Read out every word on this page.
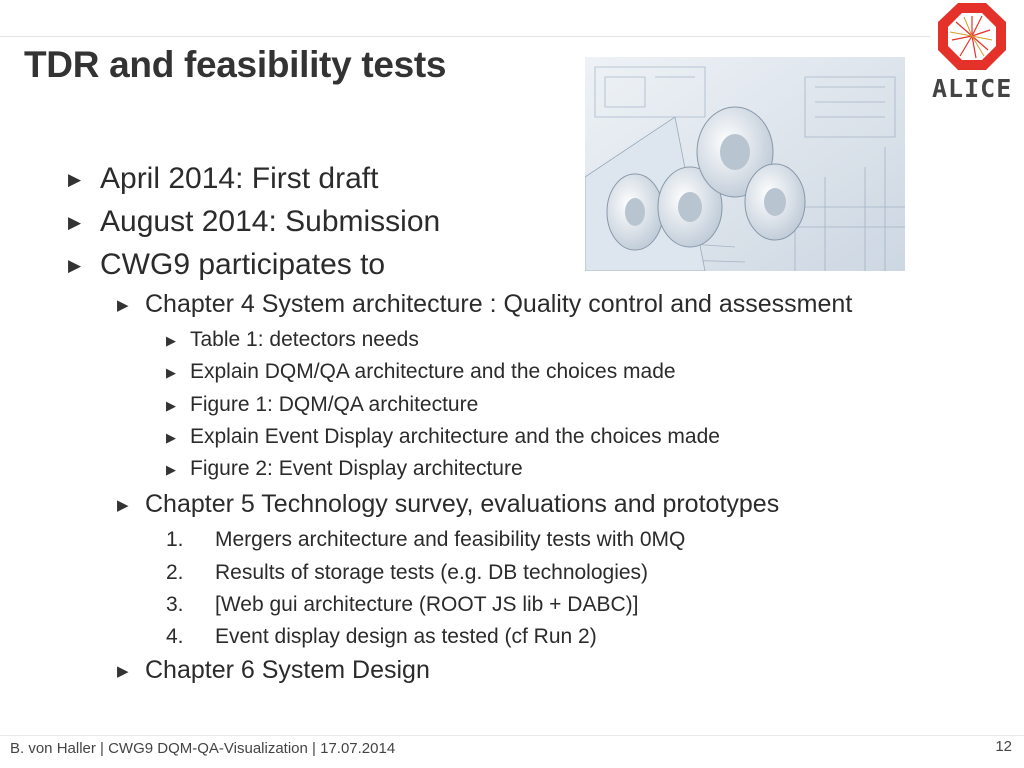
TDR and feasibility tests
ALICE
▶ April 2014: First draft
▶ August 2014: Submission
▶ CWG9 participates to
▶ Chapter 4 System architecture : Quality control and assessment
▶ Table 1: detectors needs
▶ Explain DQM/QA architecture and the choices made
▶ Figure 1: DQM/QA architecture
▶ Explain Event Display architecture and the choices made
▶ Figure 2: Event Display architecture
▶ Chapter 5 Technology survey, evaluations and prototypes
1. Mergers architecture and feasibility tests with 0MQ
2. Results of storage tests (e.g. DB technologies)
3. [Web gui architecture (ROOT JS lib + DABC)]
4. Event display design as tested (cf Run 2)
▶ Chapter 6 System Design
B. von Haller | CWG9 DQM-QA-Visualization | 17.07.2014	12
